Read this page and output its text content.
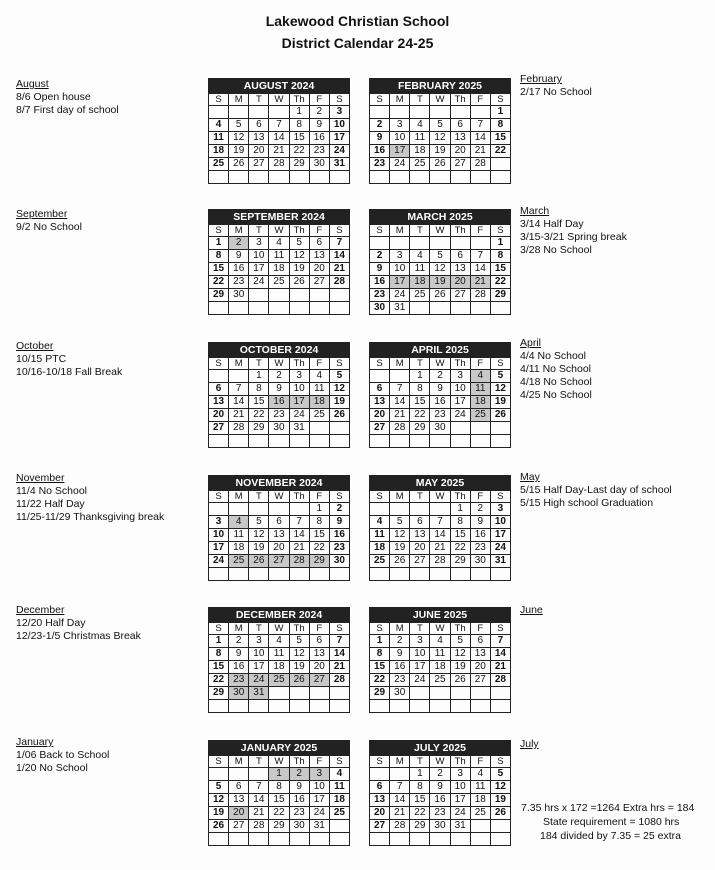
Lakewood Christian School
District Calendar 24-25
August
8/6 Open house
8/7 First day of school
September
9/2 No School
October
10/15 PTC
10/16-10/18 Fall Break
November
11/4 No School
11/22 Half Day
11/25-11/29 Thanksgiving break
December
12/20 Half Day
12/23-1/5 Christmas Break
January
1/06 Back to School
1/20 No School
February
2/17 No School
March
3/14 Half Day
3/15-3/21 Spring break
3/28 No School
April
4/4 No School
4/11 No School
4/18 No School
4/25 No School
May
5/15 Half Day-Last day of school
5/15 High school Graduation
June
July
AUGUST 2024						
S	M	T	W	Th	F	S
				1	2	3
4	5	6	7	8	9	10
11	12	13	14	15	16	17
18	19	20	21	22	23	24
25	26	27	28	29	30	31

SEPTEMBER 2024						
S	M	T	W	Th	F	S
1	2	3	4	5	6	7
8	9	10	11	12	13	14
15	16	17	18	19	20	21
22	23	24	25	26	27	28
29	30					

OCTOBER 2024						
S	M	T	W	Th	F	S
		1	2	3	4	5
6	7	8	9	10	11	12
13	14	15	16	17	18	19
20	21	22	23	24	25	26
27	28	29	30	31		

NOVEMBER 2024						
S	M	T	W	Th	F	S
					1	2
3	4	5	6	7	8	9
10	11	12	13	14	15	16
17	18	19	20	21	22	23
24	25	26	27	28	29	30

DECEMBER 2024						
S	M	T	W	Th	F	S
1	2	3	4	5	6	7
8	9	10	11	12	13	14
15	16	17	18	19	20	21
22	23	24	25	26	27	28
29	30	31				

JANUARY 2025						
S	M	T	W	Th	F	S
			1	2	3	4
5	6	7	8	9	10	11
12	13	14	15	16	17	18
19	20	21	22	23	24	25
26	27	28	29	30	31	

FEBRUARY 2025						
S	M	T	W	Th	F	S
						1
2	3	4	5	6	7	8
9	10	11	12	13	14	15
16	17	18	19	20	21	22
23	24	25	26	27	28	

MARCH 2025						
S	M	T	W	Th	F	S
						1
2	3	4	5	6	7	8
9	10	11	12	13	14	15
16	17	18	19	20	21	22
23	24	25	26	27	28	29
30	31					
APRIL 2025						
S	M	T	W	Th	F	S
		1	2	3	4	5
6	7	8	9	10	11	12
13	14	15	16	17	18	19
20	21	22	23	24	25	26
27	28	29	30			

MAY 2025						
S	M	T	W	Th	F	S
				1	2	3
4	5	6	7	8	9	10
11	12	13	14	15	16	17
18	19	20	21	22	23	24
25	26	27	28	29	30	31

JUNE 2025						
S	M	T	W	Th	F	S
1	2	3	4	5	6	7
8	9	10	11	12	13	14
15	16	17	18	19	20	21
22	23	24	25	26	27	28
29	30					

JULY 2025						
S	M	T	W	Th	F	S
		1	2	3	4	5
6	7	8	9	10	11	12
13	14	15	16	17	18	19
20	21	22	23	24	25	26
27	28	29	30	31		

7.35 hrs x 172 =1264 Extra hrs = 184
State requirement = 1080 hrs
184 divided by 7.35 = 25 extra
